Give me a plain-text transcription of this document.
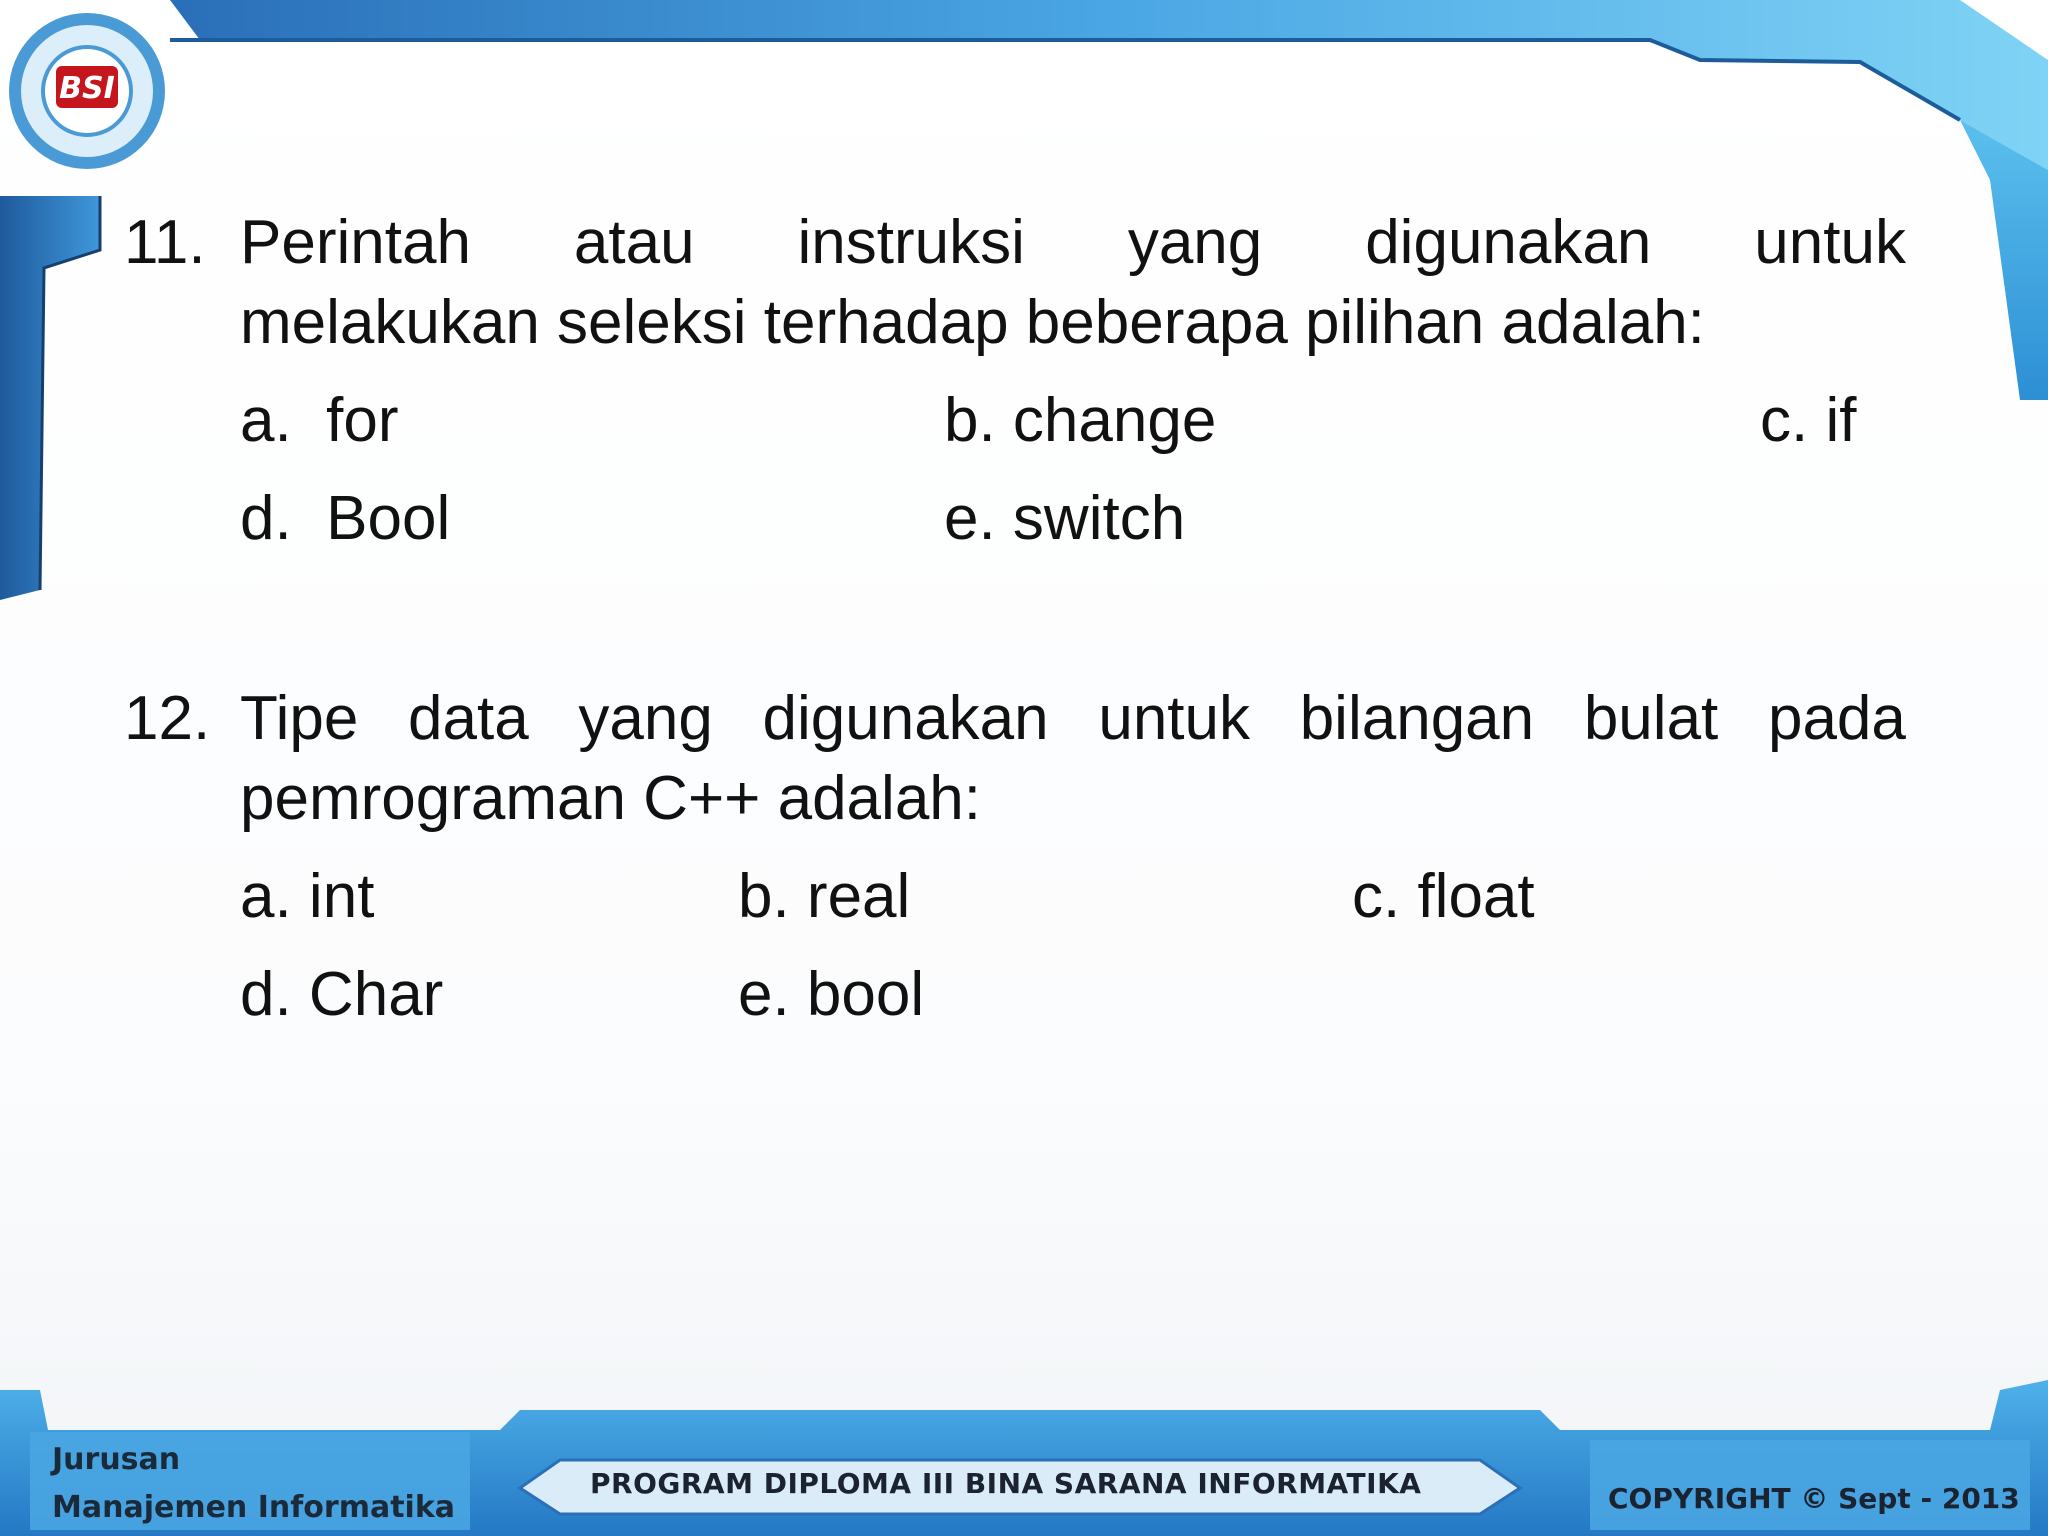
BSI
11. Perintah atau instruksi yang digunakan untuk
melakukan seleksi terhadap beberapa pilihan adalah:
a.  for	b. change	c. if
d.  Bool	e. switch
12. Tipe data yang digunakan untuk bilangan bulat pada
pemrograman C++ adalah:
a. int	b. real	c. float
d. Char	e. bool
Jurusan
Manajemen Informatika
PROGRAM DIPLOMA III BINA SARANA INFORMATIKA	COPYRIGHT © Sept - 2013
